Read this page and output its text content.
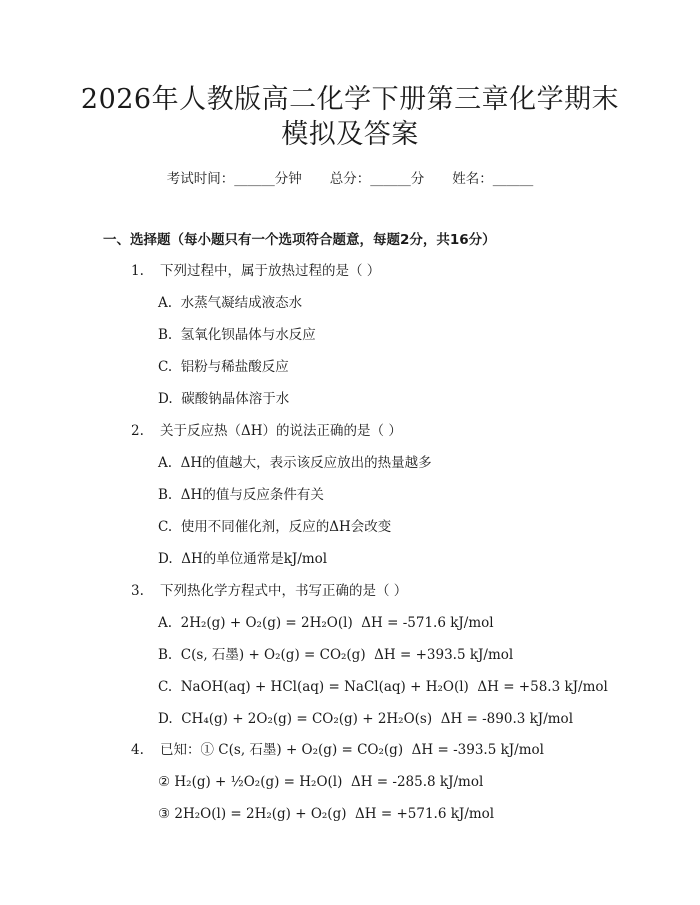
2026年人教版高二化学下册第三章化学期末
模拟及答案
考试时间：______分钟 总分：______分 姓名：______
一、选择题（每小题只有一个选项符合题意，每题2分，共16分）
1. 下列过程中，属于放热过程的是（ ）
A.  水蒸气凝结成液态水
B.  氢氧化钡晶体与水反应
C.  铝粉与稀盐酸反应
D.  碳酸钠晶体溶于水
2. 关于反应热（ΔH）的说法正确的是（ ）
A.  ΔH的值越大，表示该反应放出的热量越多
B.  ΔH的值与反应条件有关
C.  使用不同催化剂，反应的ΔH会改变
D.  ΔH的单位通常是kJ/mol
3. 下列热化学方程式中，书写正确的是（ ）
A.  2H₂(g) + O₂(g) = 2H₂O(l)  ΔH = -571.6 kJ/mol
B.  C(s, 石墨) + O₂(g) = CO₂(g)  ΔH = +393.5 kJ/mol
C.  NaOH(aq) + HCl(aq) = NaCl(aq) + H₂O(l)  ΔH = +58.3 kJ/mol
D.  CH₄(g) + 2O₂(g) = CO₂(g) + 2H₂O(s)  ΔH = -890.3 kJ/mol
4. 已知：① C(s, 石墨) + O₂(g) = CO₂(g)  ΔH = -393.5 kJ/mol
② H₂(g) + ½O₂(g) = H₂O(l)  ΔH = -285.8 kJ/mol
③ 2H₂O(l) = 2H₂(g) + O₂(g)  ΔH = +571.6 kJ/mol
